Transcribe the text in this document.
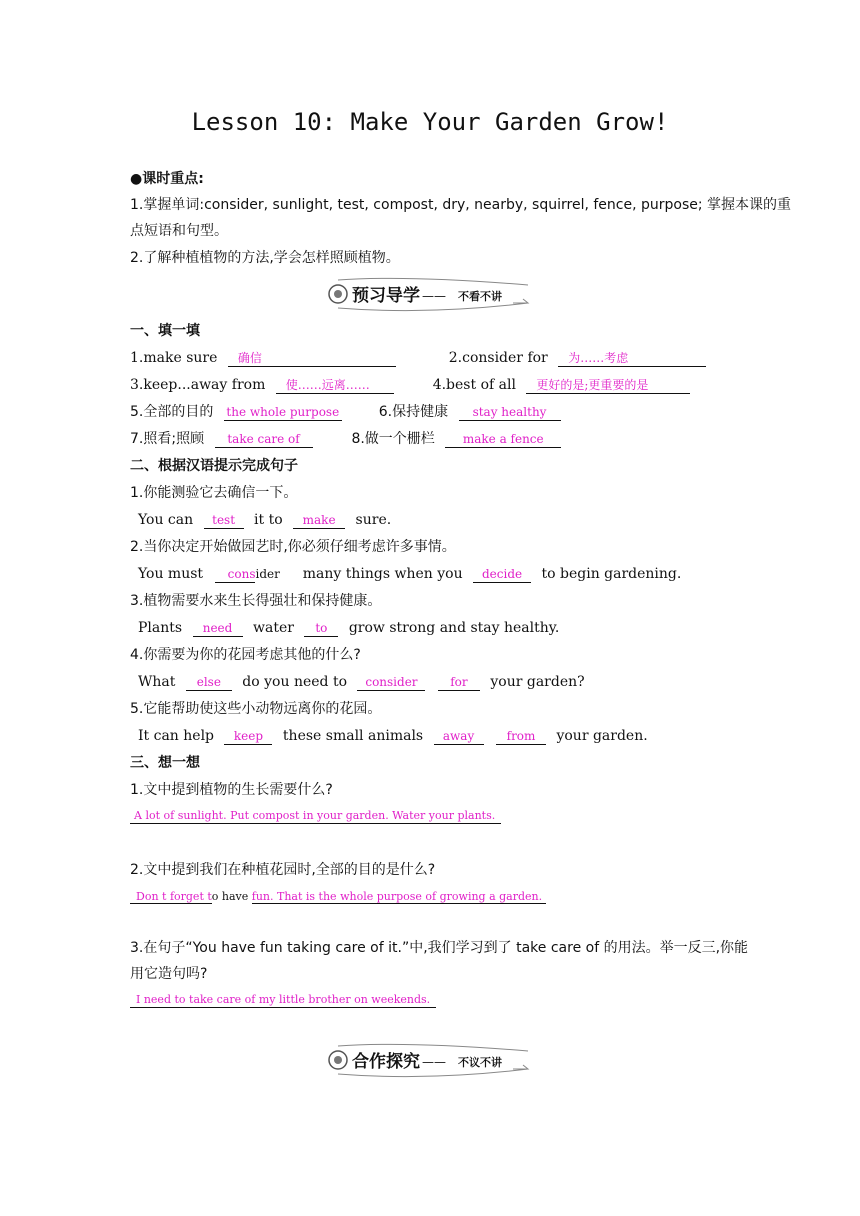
Lesson 10: Make Your Garden Grow!
●课时重点:
1.掌握单词:consider, sunlight, test, compost, dry, nearby, squirrel, fence, purpose; 掌握本课的重
点短语和句型。
2.了解种植植物的方法,学会怎样照顾植物。
预习导学 —— 不看不讲
一、填一填
1.make sure 确信	2.consider for 为……考虑
3.keep...away from 使……远离……	4.best of all 更好的是;更重要的是
5.全部的目的 the whole purpose	6.保持健康 stay healthy
7.照看;照顾 take care of	8.做一个栅栏 make a fence
二、根据汉语提示完成句子
1.你能测验它去确信一下。
You can test it to make sure.
2.当你决定开始做园艺时,你必须仔细考虑许多事情。
You must consider many things when you decide to begin gardening.
3.植物需要水来生长得强壮和保持健康。
Plants need water to grow strong and stay healthy.
4.你需要为你的花园考虑其他的什么?
What else do you need to consider	for your garden?
5.它能帮助使这些小动物远离你的花园。
It can help keep these small animals away	from your garden.
三、想一想
1.文中提到植物的生长需要什么?
A lot of sunlight. Put compost in your garden. Water your plants.
2.文中提到我们在种植花园时,全部的目的是什么?
Don t forget to have fun. That is the whole purpose of growing a garden.
3.在句子“You have fun taking care of it.”中,我们学习到了 take care of 的用法。举一反三,你能
用它造句吗?
I need to take care of my little brother on weekends.
合作探究 —— 不议不讲
